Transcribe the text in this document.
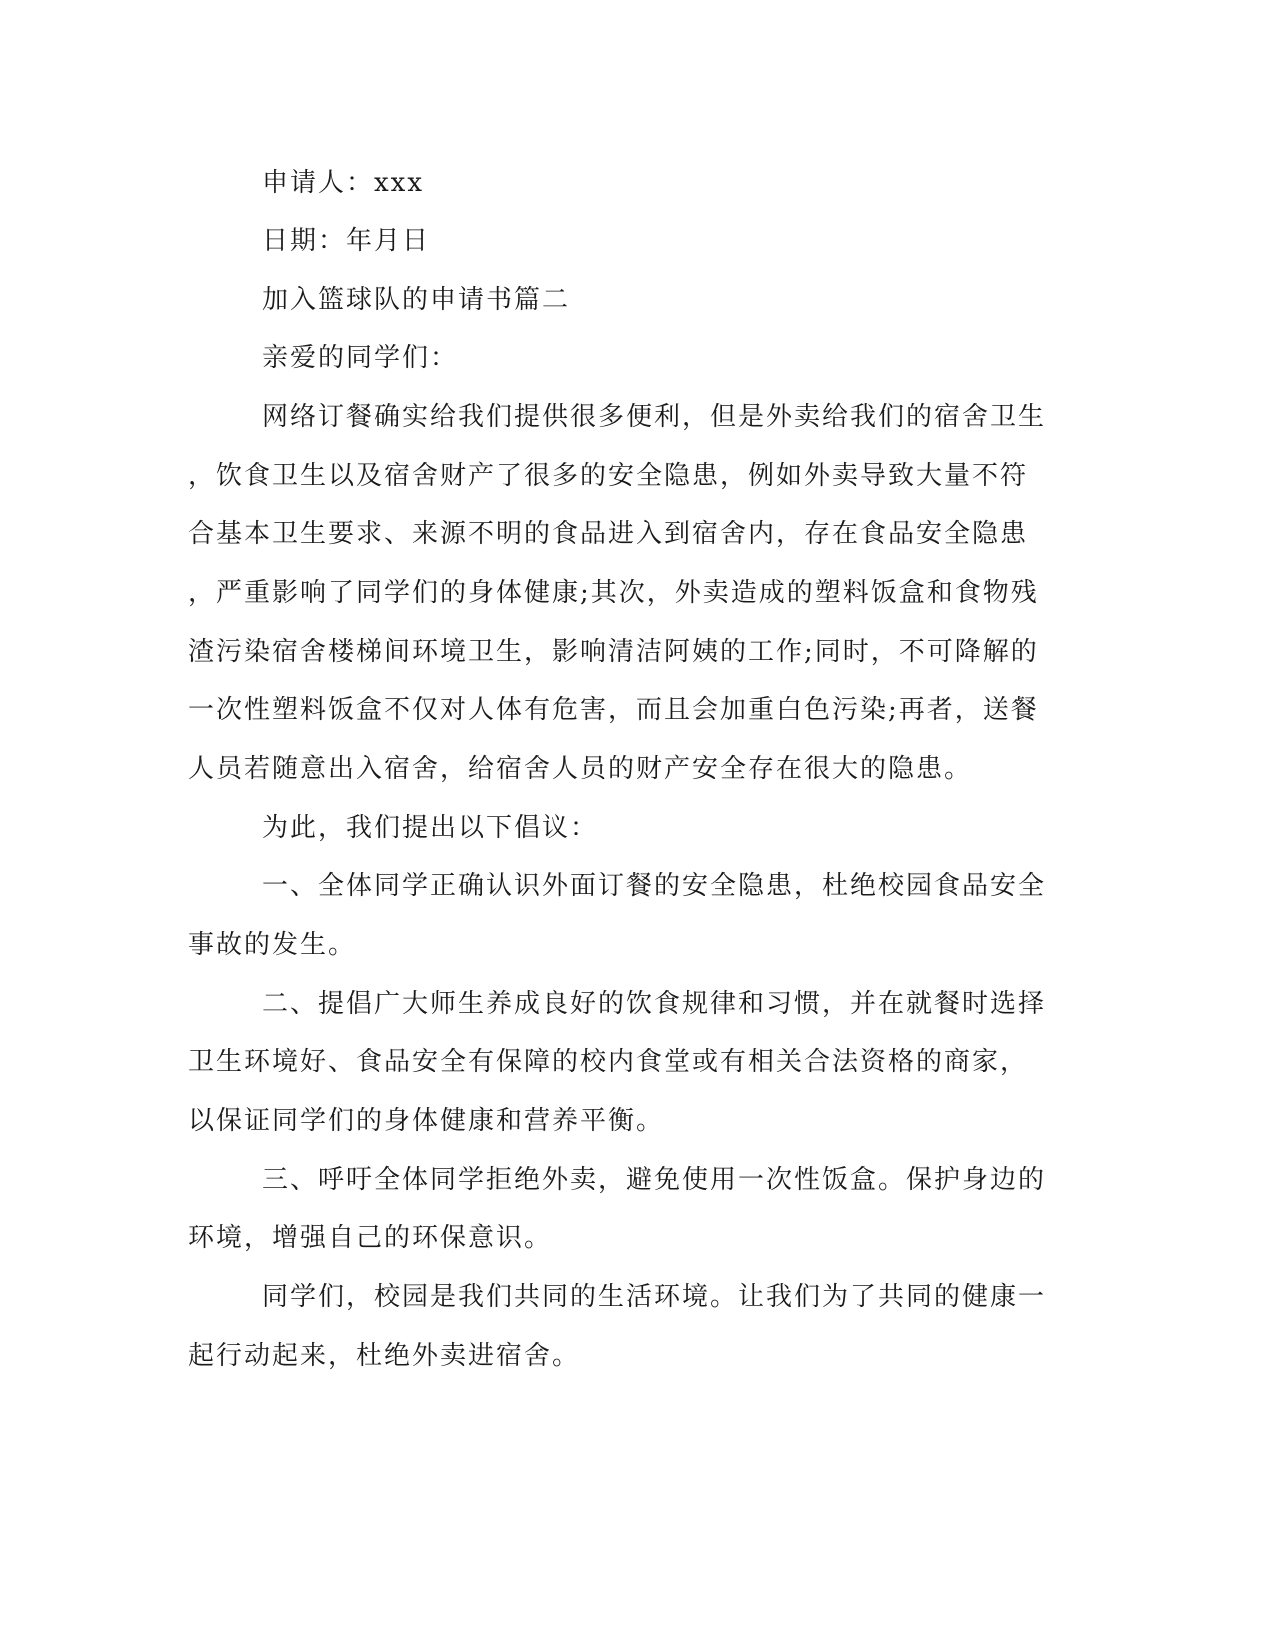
申请人：xxx
日期：年月日
加入篮球队的申请书篇二
亲爱的同学们：
网络订餐确实给我们提供很多便利，但是外卖给我们的宿舍卫生
，饮食卫生以及宿舍财产了很多的安全隐患，例如外卖导致大量不符
合基本卫生要求、来源不明的食品进入到宿舍内，存在食品安全隐患
，严重影响了同学们的身体健康;其次，外卖造成的塑料饭盒和食物残
渣污染宿舍楼梯间环境卫生，影响清洁阿姨的工作;同时，不可降解的
一次性塑料饭盒不仅对人体有危害，而且会加重白色污染;再者，送餐
人员若随意出入宿舍，给宿舍人员的财产安全存在很大的隐患。
为此，我们提出以下倡议：
一、全体同学正确认识外面订餐的安全隐患，杜绝校园食品安全
事故的发生。
二、提倡广大师生养成良好的饮食规律和习惯，并在就餐时选择
卫生环境好、食品安全有保障的校内食堂或有相关合法资格的商家，
以保证同学们的身体健康和营养平衡。
三、呼吁全体同学拒绝外卖，避免使用一次性饭盒。保护身边的
环境，增强自己的环保意识。
同学们，校园是我们共同的生活环境。让我们为了共同的健康一
起行动起来，杜绝外卖进宿舍。
